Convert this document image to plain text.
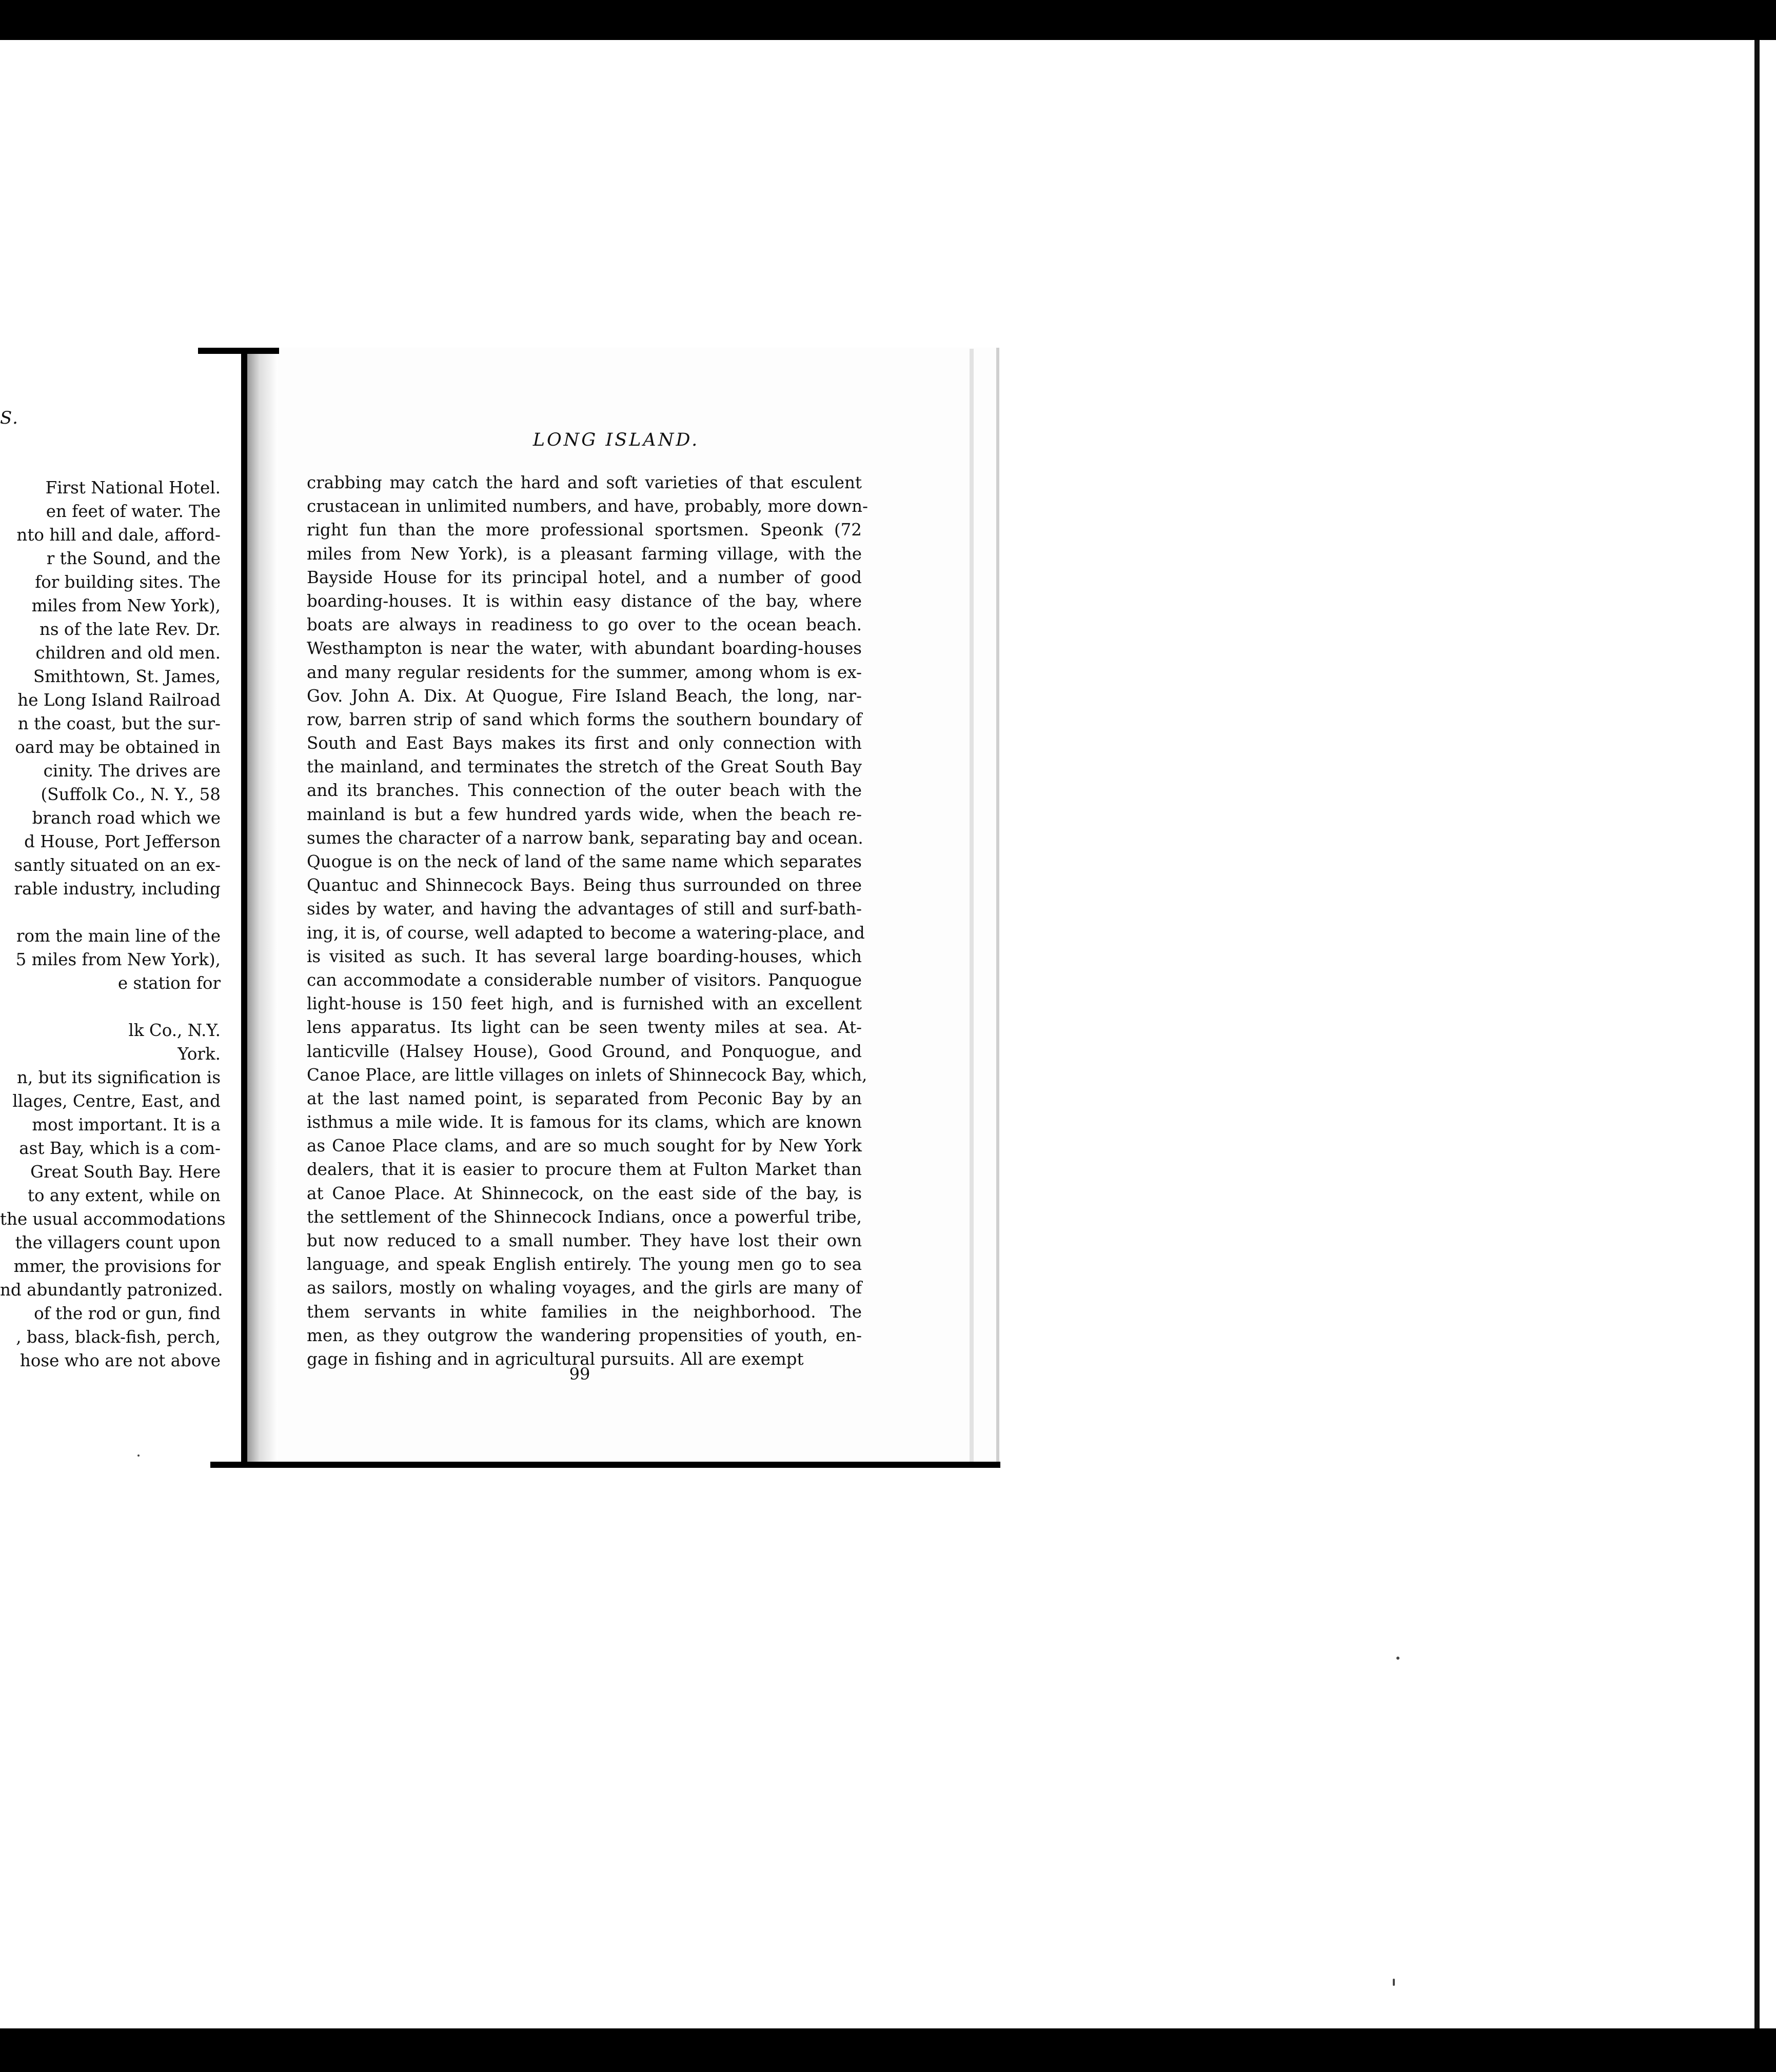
S.
First National Hotel.
en feet of water. The
nto hill and dale, afford-
r the Sound, and the
for building sites. The
miles from New York),
ns of the late Rev. Dr.
children and old men.
Smithtown, St. James,
he Long Island Railroad
n the coast, but the sur-
oard may be obtained in
cinity. The drives are
(Suffolk Co., N. Y., 58
branch road which we
d House, Port Jefferson
santly situated on an ex-
rable industry, including
rom the main line of the
5 miles from New York),
e station for
lk Co., N.Y.
York.
n, but its signification is
llages, Centre, East, and
most important. It is a
ast Bay, which is a com-
Great South Bay. Here
to any extent, while on
the usual accommodations
the villagers count upon
mmer, the provisions for
nd abundantly patronized.
of the rod or gun, find
, bass, black-fish, perch,
hose who are not above
LONG ISLAND.
crabbing may catch the hard and soft varieties of that esculent
crustacean in unlimited numbers, and have, probably, more down-
right fun than the more professional sportsmen. Speonk (72
miles from New York), is a pleasant farming village, with the
Bayside House for its principal hotel, and a number of good
boarding-houses. It is within easy distance of the bay, where
boats are always in readiness to go over to the ocean beach.
Westhampton is near the water, with abundant boarding-houses
and many regular residents for the summer, among whom is ex-
Gov. John A. Dix. At Quogue, Fire Island Beach, the long, nar-
row, barren strip of sand which forms the southern boundary of
South and East Bays makes its first and only connection with
the mainland, and terminates the stretch of the Great South Bay
and its branches. This connection of the outer beach with the
mainland is but a few hundred yards wide, when the beach re-
sumes the character of a narrow bank, separating bay and ocean.
Quogue is on the neck of land of the same name which separates
Quantuc and Shinnecock Bays. Being thus surrounded on three
sides by water, and having the advantages of still and surf-bath-
ing, it is, of course, well adapted to become a watering-place, and
is visited as such. It has several large boarding-houses, which
can accommodate a considerable number of visitors. Panquogue
light-house is 150 feet high, and is furnished with an excellent
lens apparatus. Its light can be seen twenty miles at sea. At-
lanticville (Halsey House), Good Ground, and Ponquogue, and
Canoe Place, are little villages on inlets of Shinnecock Bay, which,
at the last named point, is separated from Peconic Bay by an
isthmus a mile wide. It is famous for its clams, which are known
as Canoe Place clams, and are so much sought for by New York
dealers, that it is easier to procure them at Fulton Market than
at Canoe Place. At Shinnecock, on the east side of the bay, is
the settlement of the Shinnecock Indians, once a powerful tribe,
but now reduced to a small number. They have lost their own
language, and speak English entirely. The young men go to sea
as sailors, mostly on whaling voyages, and the girls are many of
them servants in white families in the neighborhood. The
men, as they outgrow the wandering propensities of youth, en-
gage in fishing and in agricultural pursuits. All are exempt
99
